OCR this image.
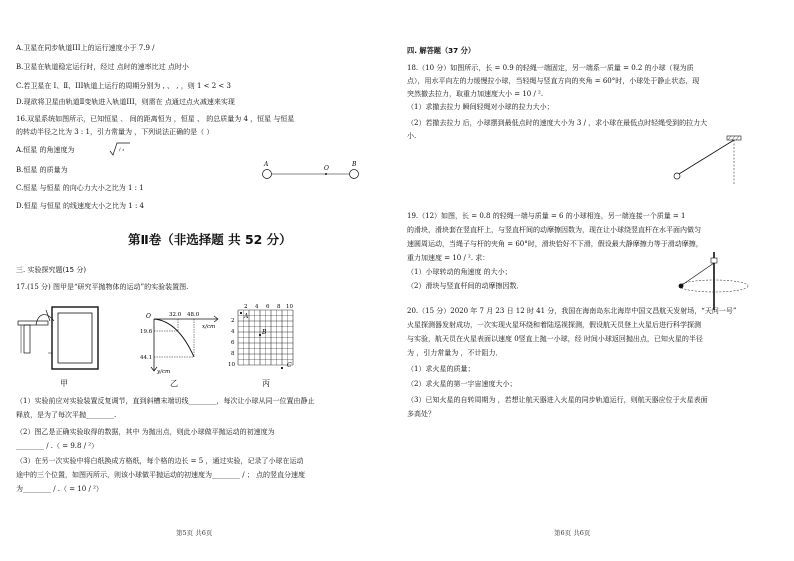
A.卫星在同步轨道III上的运行速度小于 7.9 /
B.卫星在轨道稳定运行时，经过 点时的速率比过 点时小
C.若卫星在 Ⅰ、Ⅱ、III轨道上运行的周期分别为 , 、 , ，则 1 < 2 < 3
D.现欲将卫星由轨道Ⅱ变轨进入轨道III，则需在 点通过点火减速来实现
16.双星系统如图所示，已知恒星 、 间的距离恒为 ，恒星 、 的总质量为 4 ，恒星 与恒星
的转动半径之比为 3 : 1，引力常量为 ，下列说法正确的是（ ）
A.恒星 的角速度为	/ ₃
B.恒星 的质量为
C.恒星 与恒星 的向心力大小之比为 1 : 1
D.恒星 与恒星 的线速度大小之比为 1 : 4
A
O
B
第Ⅱ卷（非选择题 共 52 分）
三. 实验探究题(15 分)
17.(15 分) 图甲是“研究平抛物体的运动”的实验装置图.
O	32.0 48.0
x/cm
19.6
44.1
y/cm
2 4 6 8 10
2
4
6
8
10
A
B
C
甲	乙	丙
（1）实验前应对实验装置反复调节，直到斜槽末端切线________，每次让小球从同一位置由静止
释放，是为了每次平抛________.
（2）图乙是正确实验取得的数据，其中 为抛出点，则此小球做平抛运动的初速度为
________ / .（ = 9.8 / ²）
（3）在另一次实验中将白纸换成方格纸，每个格的边长 = 5 ，通过实验，记录了小球在运动
途中的三个位置，如图丙所示，则该小球做平抛运动的初速度为________ / ； 点的竖直分速度
为________ / .（ = 10 / ²）
第5页 共6页
四. 解答题（37 分）
18.（10 分）如图所示，长 = 0.9 的轻绳一端固定，另一端系一质量 = 0.2 的小球（视为质
点），用水平向左的力缓慢拉小球，当轻绳与竖直方向的夹角 = 60°时，小球处于静止状态，现
突然撤去拉力，取重力加速度大小 = 10 / ².
（1）求撤去拉力 瞬间轻绳对小球的拉力大小；
（2）若撤去拉力 后，小球摆到最低点时的速度大小为 3 / ，求小球在最低点时轻绳受到的拉力大
小.
19.（12）如图，长 = 0.8 的轻绳一端与质量 = 6 的小球相连，另一端连接一个质量 = 1
的滑块，滑块套在竖直杆上，与竖直杆间的动摩擦因数为，现在让小球绕竖直杆在水平面内做匀
速圆周运动，当绳子与杆的夹角 = 60°时，滑块恰好不下滑，假设最大静摩擦力等于滑动摩擦，
重力加速度 = 10 / ². 求：
（1）小球转动的角速度 的大小；
（2）滑块与竖直杆间的动摩擦因数．
20.（15 分）2020 年 7 月 23 日 12 时 41 分，我国在海南岛东北海岸中国文昌航天发射场，“天问一号”
火星探测器发射成功，一次实现火星环绕和着陆巡视探测，假设航天员登上火星后进行科学探测
与实验，航天员在火星表面以速度 0竖直上抛一小球，经 时间小球返回抛出点，已知火星的半径
为 ，引力常量为 ，不计阻力．
（1）求火星的质量；
（2）求火星的第一宇宙速度大小；
（3）已知火星的自转周期为 ，若想让航天器进入火星的同步轨道运行，则航天器应位于火星表面
多高处？
第6页 共6页
